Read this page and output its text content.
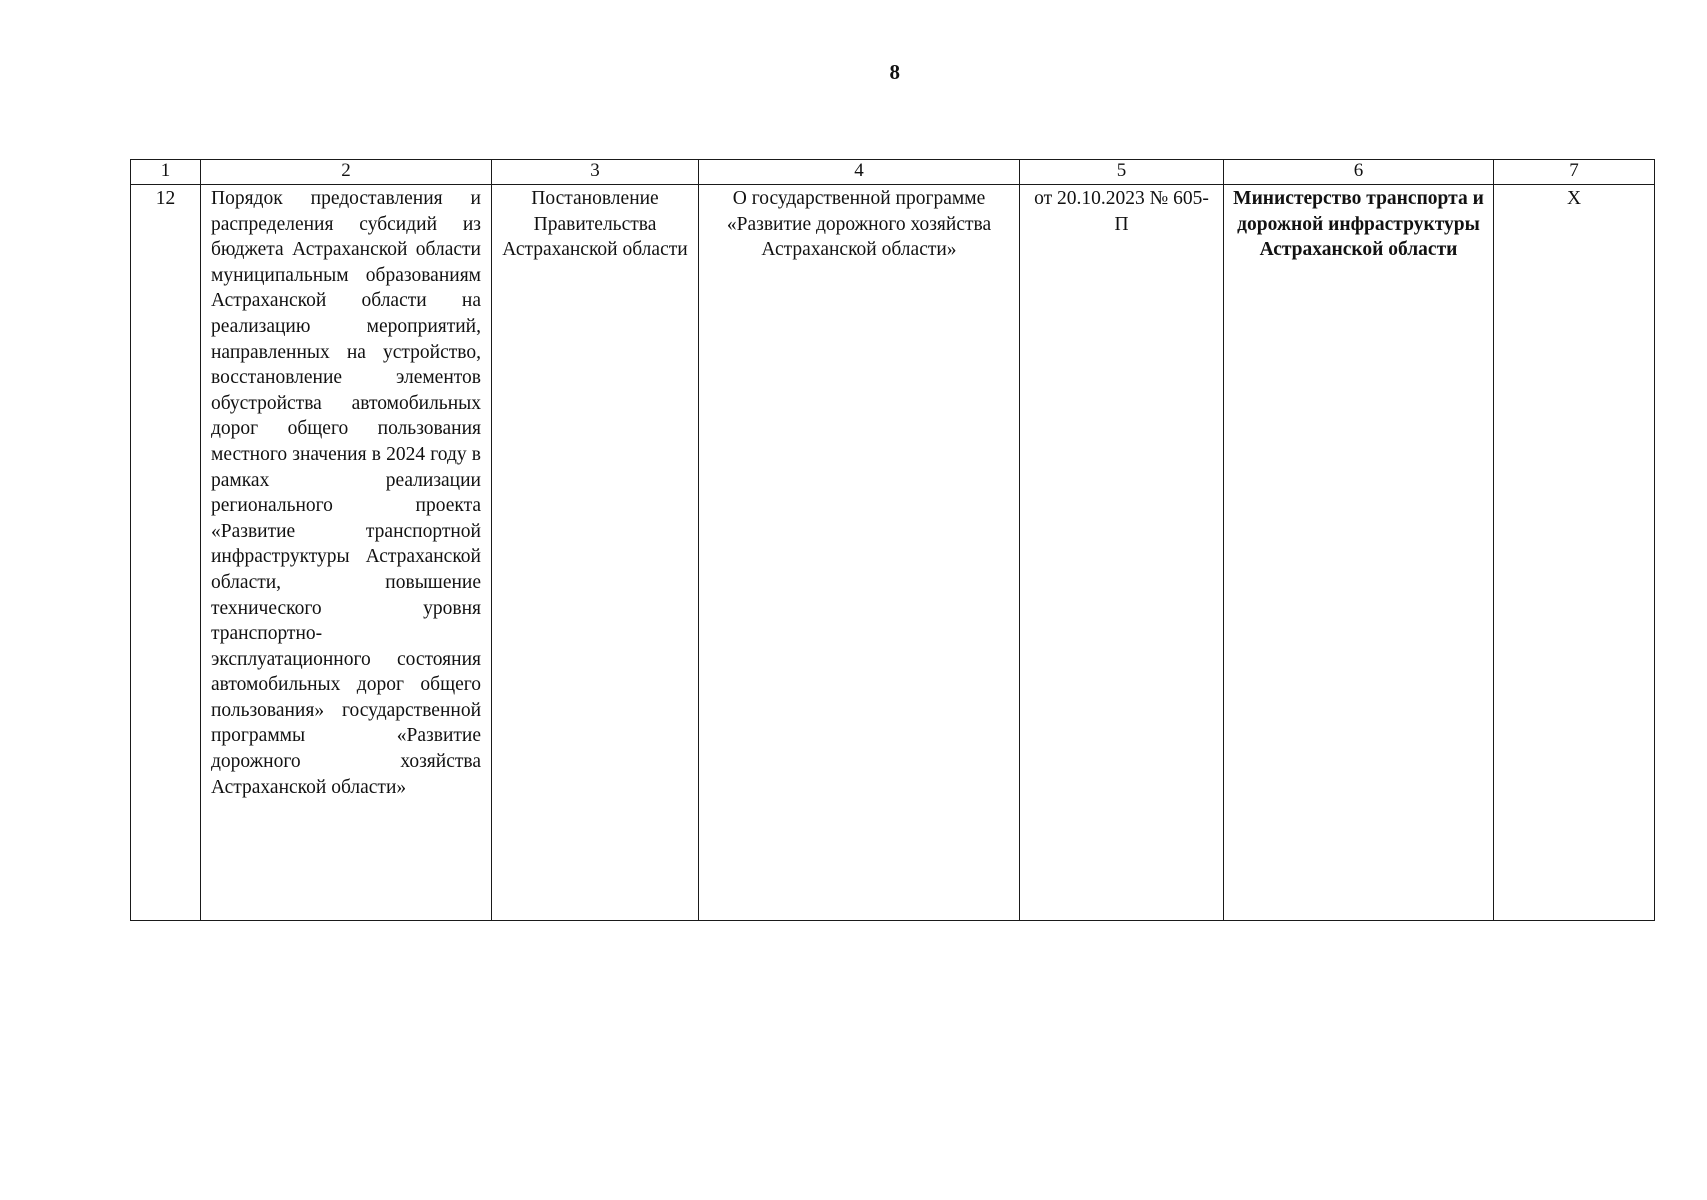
8
1	2	3	4	5	6	7
12	Порядок предоставления и распределения субсидий из бюджета Астраханской области муниципальным образованиям Астраханской области на реализацию мероприятий, направленных на устройство, восстановление элементов обустройства автомобильных дорог общего пользования местного значения в 2024 году в рамках реализации регионального проекта «Развитие транспортной инфраструктуры Астраханской области, повышение технического уровня транспортно-эксплуатационного состояния автомобильных дорог общего пользования» государственной программы «Развитие дорожного хозяйства Астраханской области»	Постановление Правительства Астраханской области	О государственной программе «Развитие дорожного хозяйства Астраханской области»	от 20.10.2023 № 605-П	Министерство транспорта и дорожной инфраструктуры Астраханской области	X
